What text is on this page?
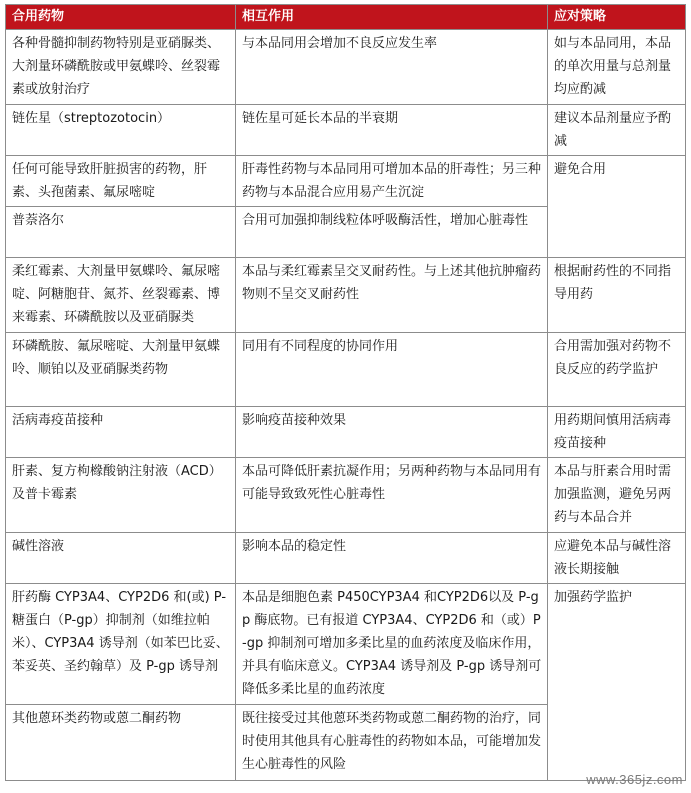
合用药物	相互作用	应对策略
各种骨髓抑制药物特别是亚硝脲类、大剂量环磷酰胺或甲氨蝶呤、丝裂霉素或放射治疗	与本品同用会增加不良反应发生率	如与本品同用，本品的单次用量与总剂量均应酌减
链佐星（streptozotocin）	链佐星可延长本品的半衰期	建议本品剂量应予酌减
任何可能导致肝脏损害的药物，肝素、头孢菌素、氟尿嘧啶	肝毒性药物与本品同用可增加本品的肝毒性；另三种药物与本品混合应用易产生沉淀	避免合用
普萘洛尔	合用可加强抑制线粒体呼吸酶活性，增加心脏毒性	
柔红霉素、大剂量甲氨蝶呤、氟尿嘧啶、阿糖胞苷、氮芥、丝裂霉素、博来霉素、环磷酰胺以及亚硝脲类	本品与柔红霉素呈交叉耐药性。与上述其他抗肿瘤药物则不呈交叉耐药性	根据耐药性的不同指导用药
环磷酰胺、氟尿嘧啶、大剂量甲氨蝶呤、顺铂以及亚硝脲类药物	同用有不同程度的协同作用	合用需加强对药物不良反应的药学监护
活病毒疫苗接种	影响疫苗接种效果	用药期间慎用活病毒疫苗接种
肝素、复方枸橼酸钠注射液（ACD）及普卡霉素	本品可降低肝素抗凝作用；另两种药物与本品同用有可能导致致死性心脏毒性	本品与肝素合用时需加强监测，避免另两药与本品合并
碱性溶液	影响本品的稳定性	应避免本品与碱性溶液长期接触
肝药酶 CYP3A4、CYP2D6 和(或) P-糖蛋白（P-gp）抑制剂（如维拉帕米）、CYP3A4 诱导剂（如苯巴比妥、苯妥英、圣约翰草）及 P-gp 诱导剂	本品是细胞色素 P450CYP3A4 和CYP2D6以及 P-gp 酶底物。已有报道 CYP3A4、CYP2D6 和（或）P-gp 抑制剂可增加多柔比星的血药浓度及临床作用，并具有临床意义。CYP3A4 诱导剂及 P-gp 诱导剂可降低多柔比星的血药浓度	加强药学监护
其他蒽环类药物或蒽二酮药物	既往接受过其他蒽环类药物或蒽二酮药物的治疗，同时使用其他具有心脏毒性的药物如本品，可能增加发生心脏毒性的风险	
www.365jz.com
